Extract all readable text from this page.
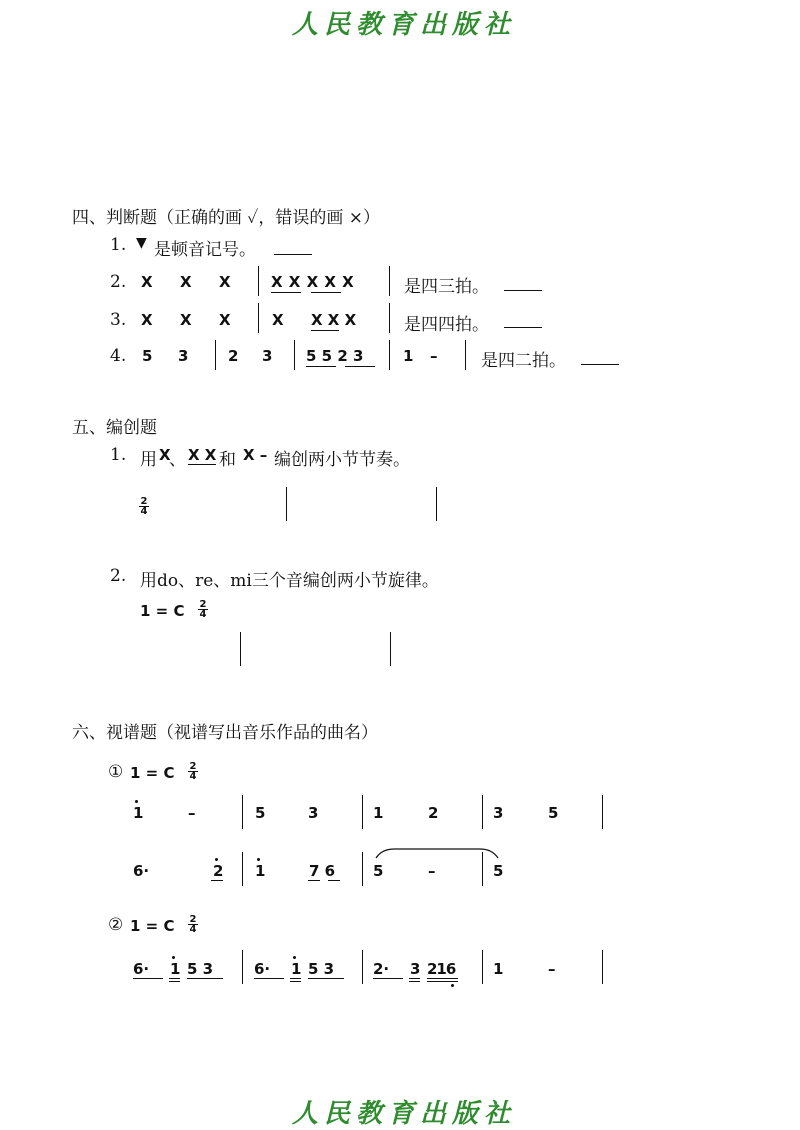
人民教育出版社
四、判断题（正确的画 ✓，错误的画 ×）
1. ▼ 是顿音记号。
2. X X X	X X X X X	是四三拍。
3. X X X	X X X X	是四四拍。
4. 5 3	2 3 5 5 2 3	1 –	是四二拍。
五、编创题
1. 用 X
、 X X 和 X – 编创两小节节奏。
2
4
2. 用do、re、mi三个音编创两小节旋律。
1 = C 2
4
六、视谱题（视谱写出音乐作品的曲名）
① 1 = C 2
4
1	–	5	3	1	2	3	5
6·	2 1	7 6	5	–	5
② 1 = C 2
4
6· 1 5 3	6· 1 5 3	2· 3 216	1	–
人民教育出版社
